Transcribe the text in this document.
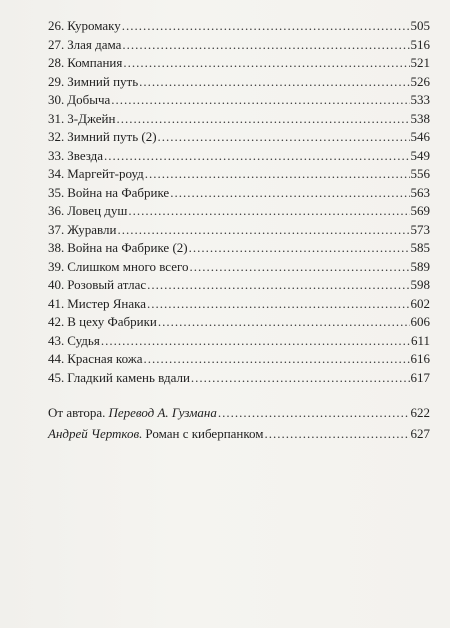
26. Куромаку .....	505
27. Злая дама .....	516
28. Компания .....	521
29. Зимний путь .....	526
30. Добыча .....	533
31. 3-Джейн .....	538
32. Зимний путь (2) .....	546
33. Звезда .....	549
34. Маргейт-роуд .....	556
35. Война на Фабрике .....	563
36. Ловец душ .....	569
37. Журавли .....	573
38. Война на Фабрике (2) .....	585
39. Слишком много всего .....	589
40. Розовый атлас .....	598
41. Мистер Янака .....	602
42. В цеху Фабрики .....	606
43. Судья .....	611
44. Красная кожа .....	616
45. Гладкий камень вдали .....	617
От автора. Перевод А. Гузмана .....	622
Андрей Чертков. Роман с киберпанком .....	627
